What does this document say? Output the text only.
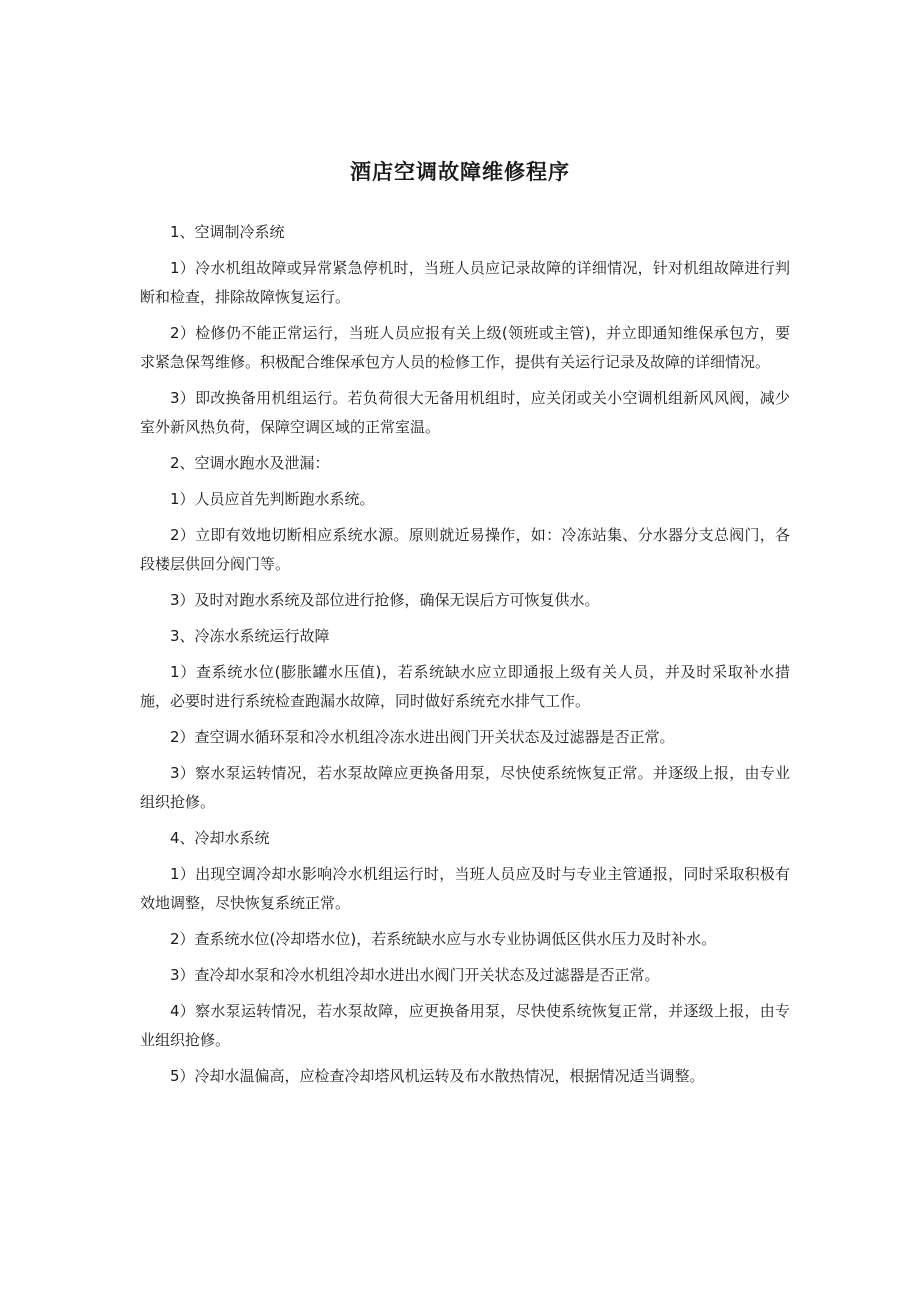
酒店空调故障维修程序

1、空调制冷系统

1）冷水机组故障或异常紧急停机时，当班人员应记录故障的详细情况，针对机组故障进行判断和检查，排除故障恢复运行。

2）检修仍不能正常运行，当班人员应报有关上级(领班或主管)，并立即通知维保承包方，要求紧急保驾维修。积极配合维保承包方人员的检修工作，提供有关运行记录及故障的详细情况。

3）即改换备用机组运行。若负荷很大无备用机组时，应关闭或关小空调机组新风风阀，减少室外新风热负荷，保障空调区域的正常室温。

2、空调水跑水及泄漏：

1）人员应首先判断跑水系统。

2）立即有效地切断相应系统水源。原则就近易操作，如：冷冻站集、分水器分支总阀门，各段楼层供回分阀门等。

3）及时对跑水系统及部位进行抢修，确保无误后方可恢复供水。

3、冷冻水系统运行故障

1）查系统水位(膨胀罐水压值)，若系统缺水应立即通报上级有关人员，并及时采取补水措施，必要时进行系统检查跑漏水故障，同时做好系统充水排气工作。

2）查空调水循环泵和冷水机组冷冻水进出阀门开关状态及过滤器是否正常。

3）察水泵运转情况，若水泵故障应更换备用泵，尽快使系统恢复正常。并逐级上报，由专业组织抢修。

4、冷却水系统

1）出现空调冷却水影响冷水机组运行时，当班人员应及时与专业主管通报，同时采取积极有效地调整，尽快恢复系统正常。

2）查系统水位(冷却塔水位)，若系统缺水应与水专业协调低区供水压力及时补水。

3）查冷却水泵和冷水机组冷却水进出水阀门开关状态及过滤器是否正常。

4）察水泵运转情况，若水泵故障，应更换备用泵，尽快使系统恢复正常，并逐级上报，由专业组织抢修。

5）冷却水温偏高，应检查冷却塔风机运转及布水散热情况，根据情况适当调整。
